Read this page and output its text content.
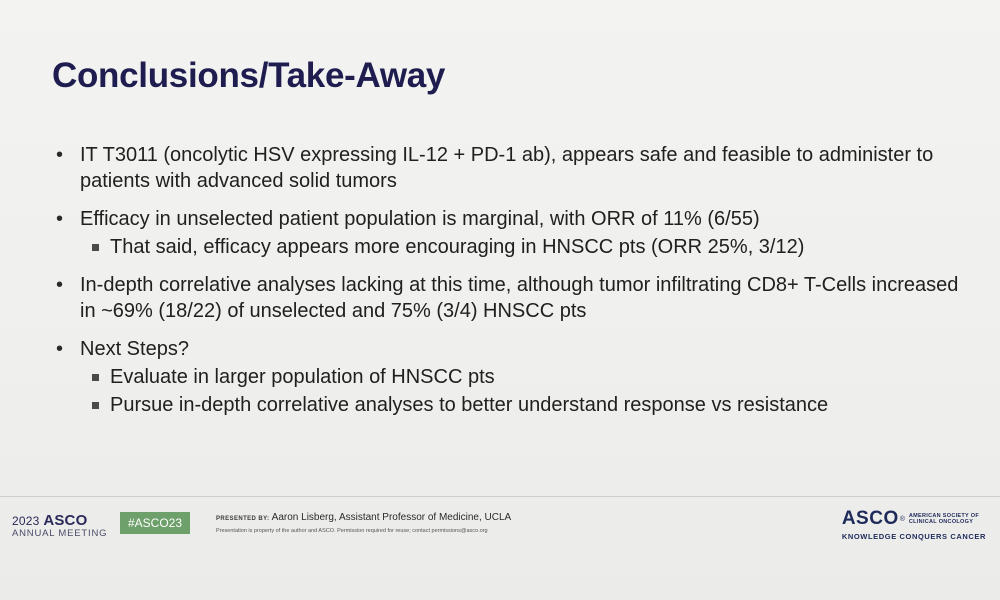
Conclusions/Take-Away
• IT T3011 (oncolytic HSV expressing IL-12 + PD-1 ab), appears safe and feasible to administer to patients with advanced solid tumors
• Efficacy in unselected patient population is marginal, with ORR of 11% (6/55)
That said, efficacy appears more encouraging in HNSCC pts (ORR 25%, 3/12)
• In-depth correlative analyses lacking at this time, although tumor infiltrating CD8+ T-Cells increased in ~69% (18/22) of unselected and 75% (3/4) HNSCC pts
• Next Steps?
Evaluate in larger population of HNSCC pts
Pursue in-depth correlative analyses to better understand response vs resistance
2023 ASCO
ANNUAL MEETING
#ASCO23	PRESENTED BY: Aaron Lisberg, Assistant Professor of Medicine, UCLA
Presentation is property of the author and ASCO. Permission required for reuse; contact permissions@asco.org
ASCO ® AMERICAN SOCIETY OF
CLINICAL ONCOLOGY
KNOWLEDGE CONQUERS CANCER
